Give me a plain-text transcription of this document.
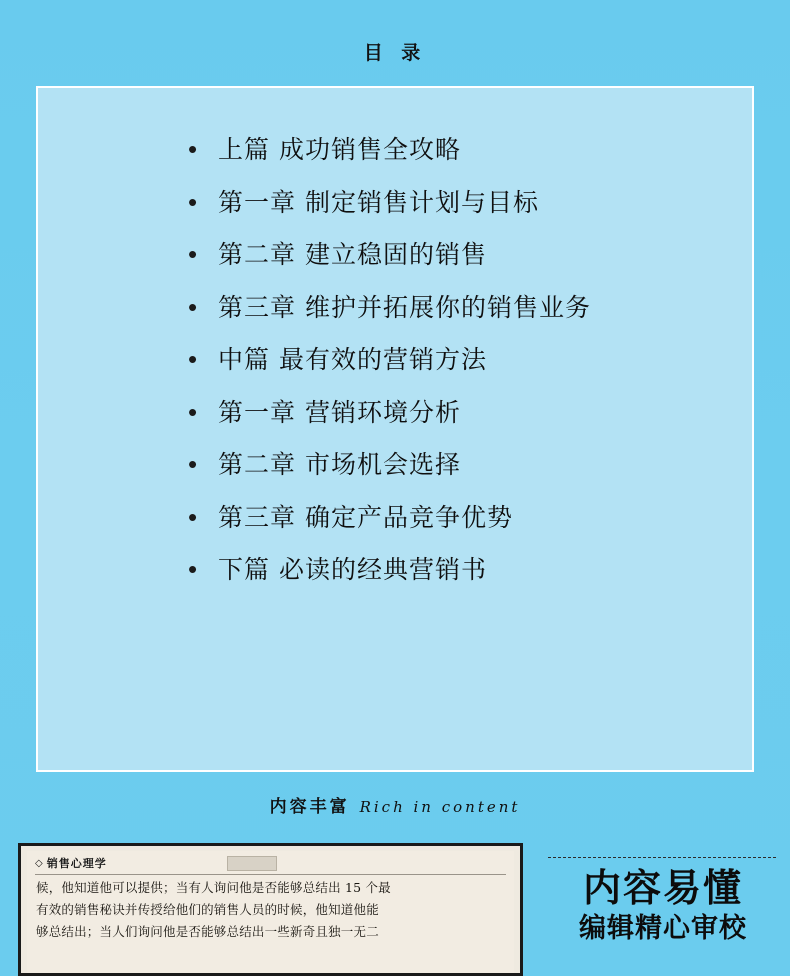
目 录
• 上篇 成功销售全攻略
• 第一章 制定销售计划与目标
• 第二章 建立稳固的销售
• 第三章 维护并拓展你的销售业务
• 中篇 最有效的营销方法
• 第一章 营销环境分析
• 第二章 市场机会选择
• 第三章 确定产品竞争优势
• 下篇 必读的经典营销书
内容丰富 Rich in content
◇ 销售心理学

候，他知道他可以提供；当有人询问他是否能够总结出 15 个最

有效的销售秘诀并传授给他们的销售人员的时候，他知道他能

够总结出；当人们询问他是否能够总结出一些新奇且独一无二

内容易懂
编辑精心审校
